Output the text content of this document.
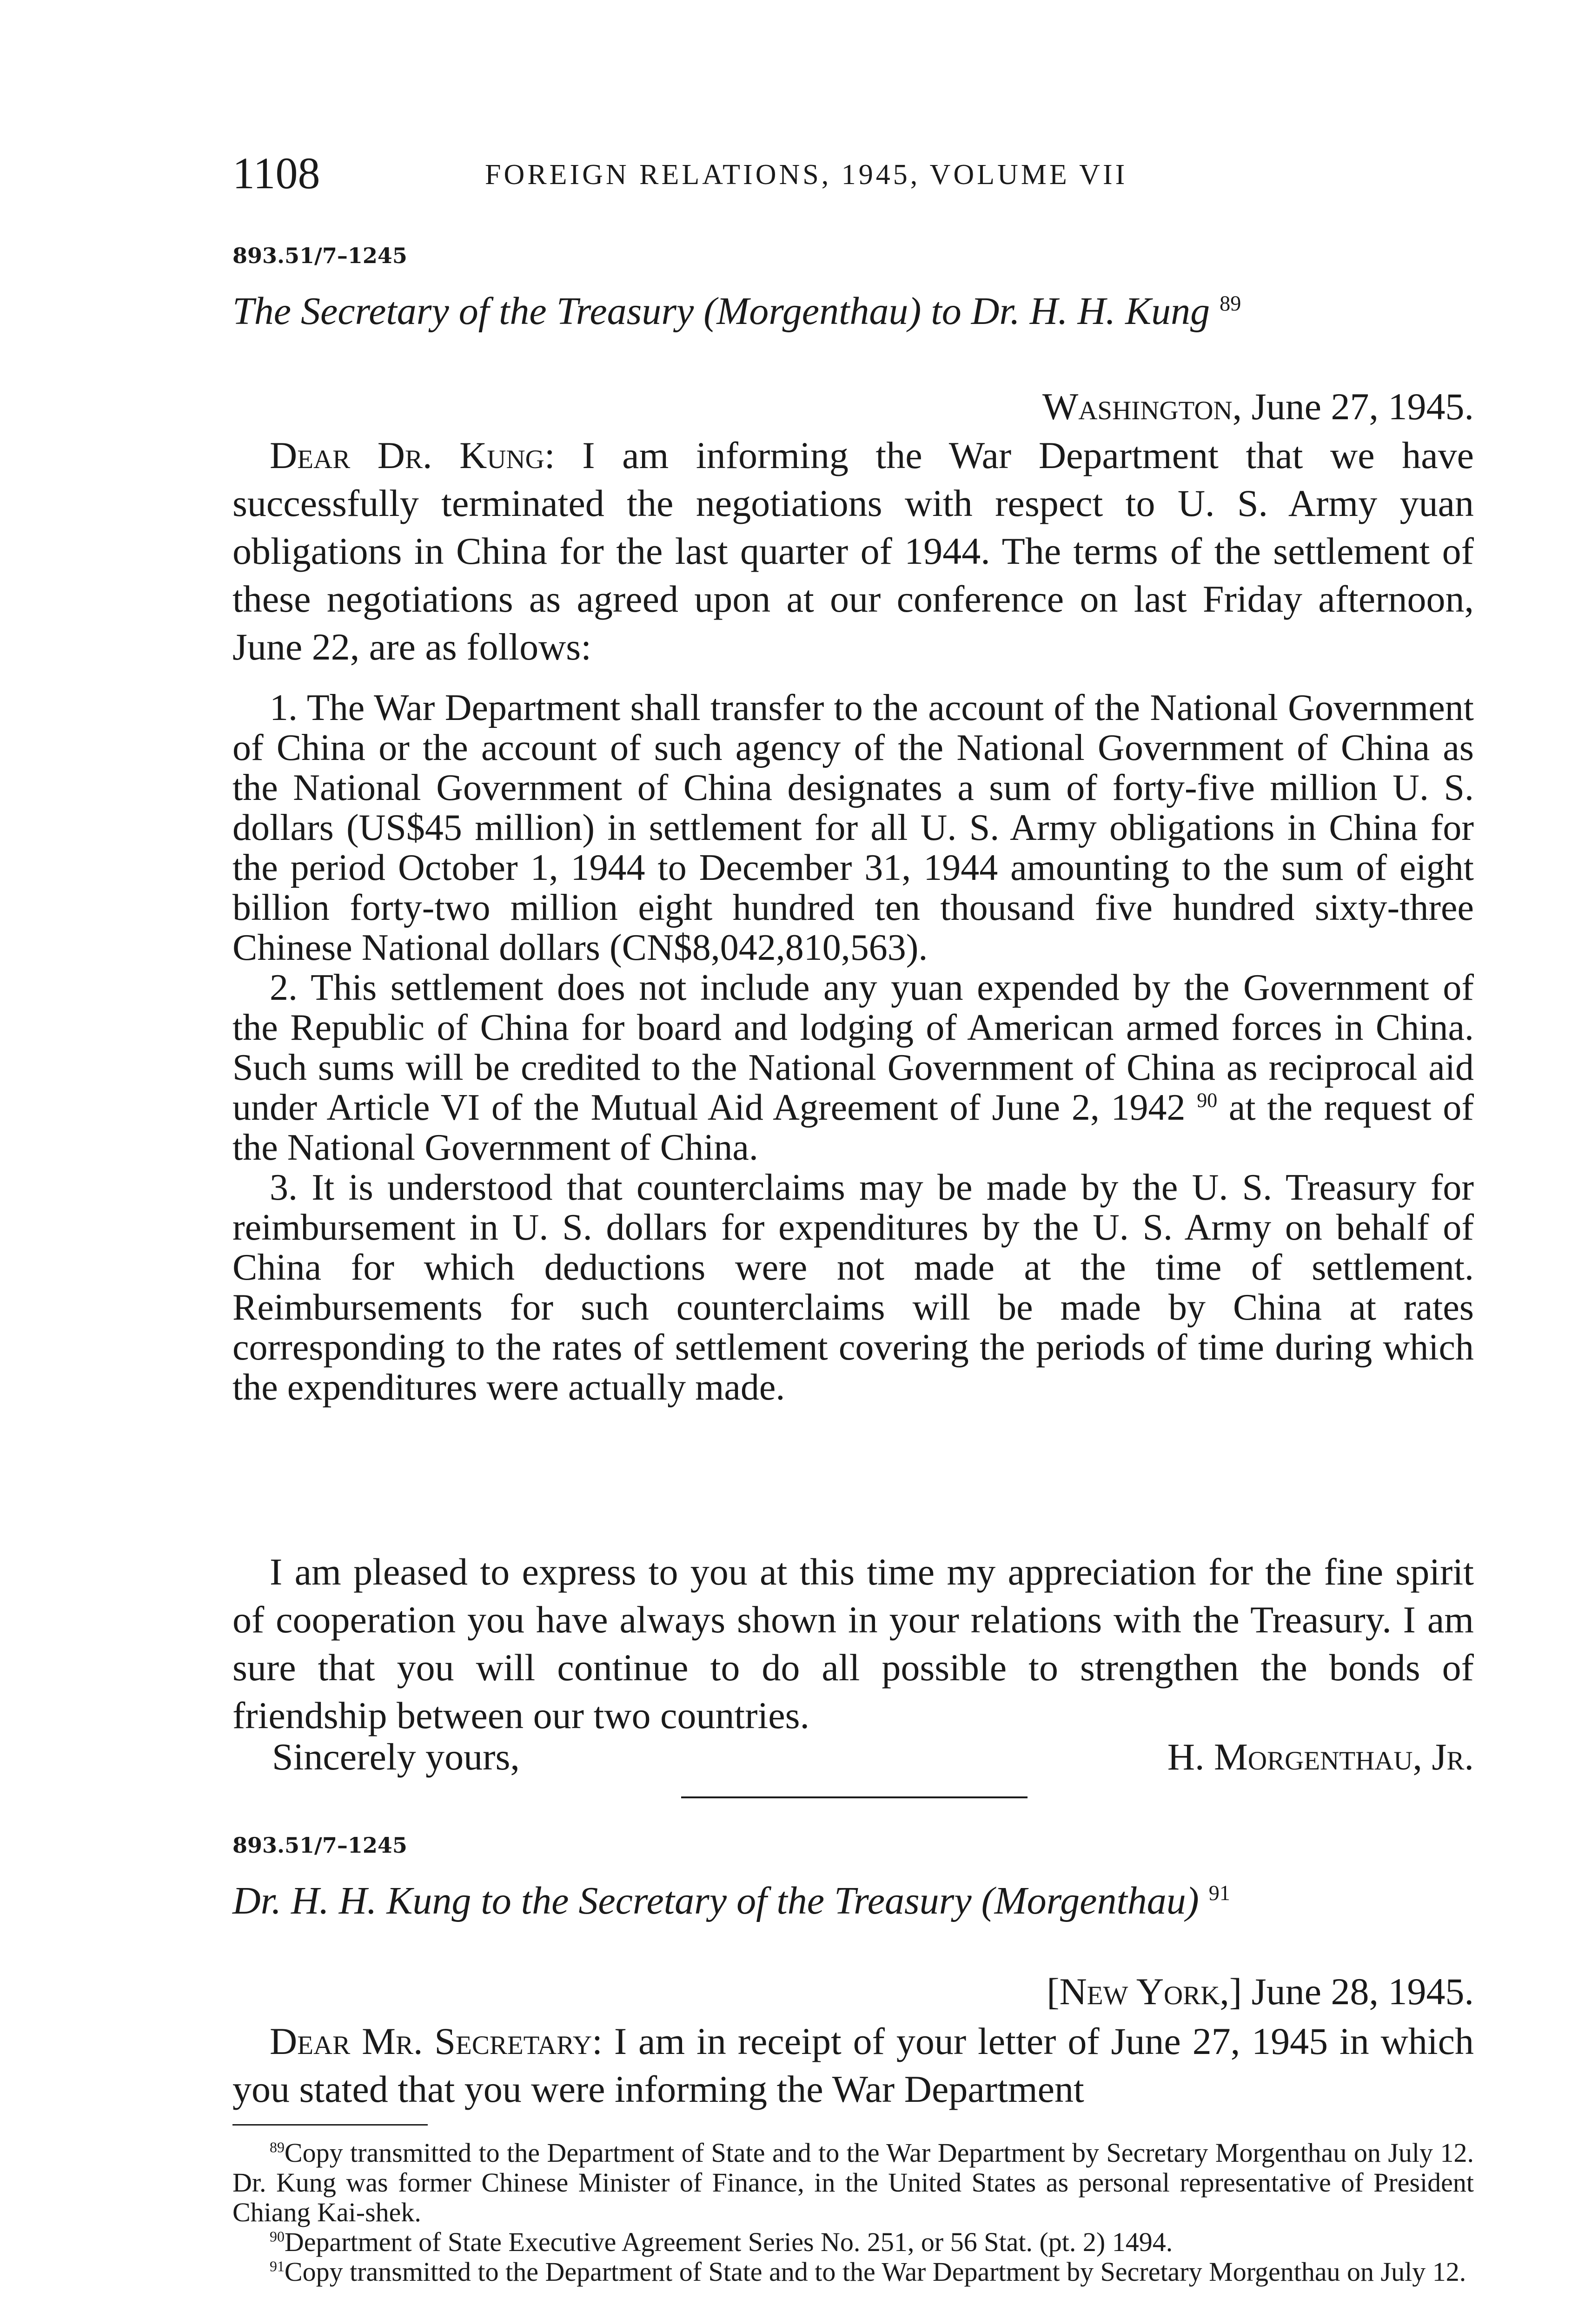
1108	FOREIGN RELATIONS, 1945, VOLUME VII
893.51/7–1245
The Secretary of the Treasury (Morgenthau) to Dr. H. H. Kung $^{89}$
Washington, June 27, 1945.

Dear Dr. Kung: I am informing the War Department that we have successfully terminated the negotiations with respect to U. S. Army yuan obligations in China for the last quarter of 1944. The terms of the settlement of these negotiations as agreed upon at our conference on last Friday afternoon, June 22, are as follows:

1. The War Department shall transfer to the account of the National Government of China or the account of such agency of the National Government of China as the National Government of China designates a sum of forty-five million U. S. dollars (US$45 million) in settlement for all U. S. Army obligations in China for the period October 1, 1944 to December 31, 1944 amounting to the sum of eight billion forty-two million eight hundred ten thousand five hundred sixty-three Chinese National dollars (CN$8,042,810,563).

2. This settlement does not include any yuan expended by the Government of the Republic of China for board and lodging of American armed forces in China. Such sums will be credited to the National Government of China as reciprocal aid under Article VI of the Mutual Aid Agreement of June 2, 1942 $^{90}$ at the request of the National Government of China.

3. It is understood that counterclaims may be made by the U. S. Treasury for reimbursement in U. S. dollars for expenditures by the U. S. Army on behalf of China for which deductions were not made at the time of settlement. Reimbursements for such counterclaims will be made by China at rates corresponding to the rates of settlement covering the periods of time during which the expenditures were actually made.

I am pleased to express to you at this time my appreciation for the fine spirit of cooperation you have always shown in your relations with the Treasury. I am sure that you will continue to do all possible to strengthen the bonds of friendship between our two countries.

Sincerely yours,	H. Morgenthau, Jr.
893.51/7–1245
Dr. H. H. Kung to the Secretary of the Treasury (Morgenthau) $^{91}$
[New York,] June 28, 1945.

Dear Mr. Secretary: I am in receipt of your letter of June 27, 1945 in which you stated that you were informing the War Department

$^{89}$Copy transmitted to the Department of State and to the War Department by Secretary Morgenthau on July 12. Dr. Kung was former Chinese Minister of Finance, in the United States as personal representative of President Chiang Kai-shek.

$^{90}$Department of State Executive Agreement Series No. 251, or 56 Stat. (pt. 2) 1494.

$^{91}$Copy transmitted to the Department of State and to the War Department by Secretary Morgenthau on July 12.
